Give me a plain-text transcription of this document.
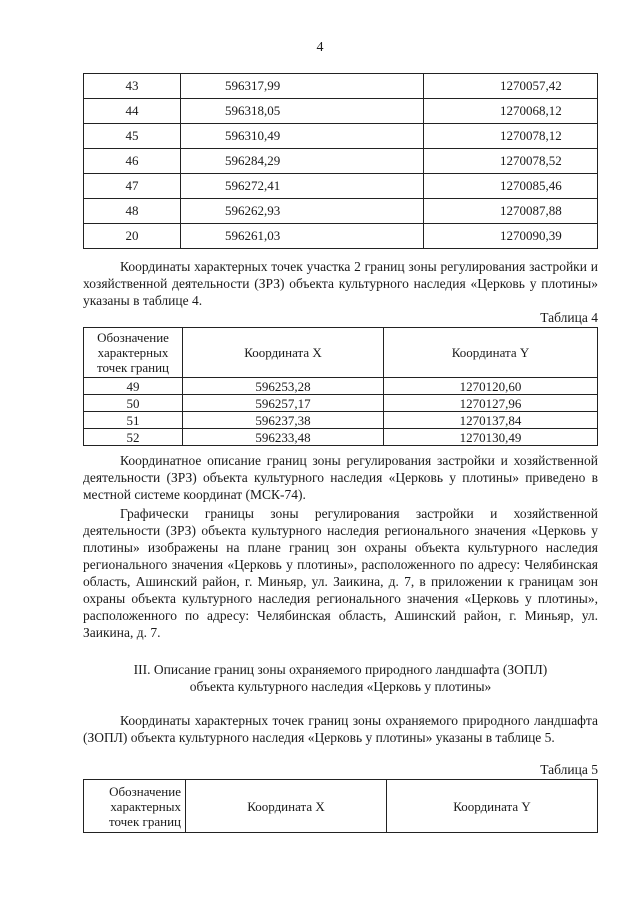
4
43	596317,99	1270057,42
44	596318,05	1270068,12
45	596310,49	1270078,12
46	596284,29	1270078,52
47	596272,41	1270085,46
48	596262,93	1270087,88
20	596261,03	1270090,39

Координаты характерных точек участка 2 границ зоны регулирования застройки и хозяйственной деятельности (ЗРЗ) объекта культурного наследия «Церковь у плотины» указаны в таблице 4.

Таблица 4
Обозначение характерных точек границ	Координата X	Координата Y
49	596253,28	1270120,60
50	596257,17	1270127,96
51	596237,38	1270137,84
52	596233,48	1270130,49

Координатное описание границ зоны регулирования застройки и хозяйственной деятельности (ЗРЗ) объекта культурного наследия «Церковь у плотины» приведено в местной системе координат (МСК-74).

Графически границы зоны регулирования застройки и хозяйственной деятельности (ЗРЗ) объекта культурного наследия регионального значения «Церковь у плотины» изображены на плане границ зон охраны объекта культурного наследия регионального значения «Церковь у плотины», расположенного по адресу: Челябинская область, Ашинский район, г. Миньяр, ул. Заикина, д. 7, в приложении к границам зон охраны объекта культурного наследия регионального значения «Церковь у плотины», расположенного по адресу: Челябинская область, Ашинский район, г. Миньяр, ул. Заикина, д. 7.

III. Описание границ зоны охраняемого природного ландшафта (ЗОПЛ)
объекта культурного наследия «Церковь у плотины»

Координаты характерных точек границ зоны охраняемого природного ландшафта (ЗОПЛ) объекта культурного наследия «Церковь у плотины» указаны в таблице 5.

Таблица 5
Обозначение характерных точек границ	Координата X	Координата Y
